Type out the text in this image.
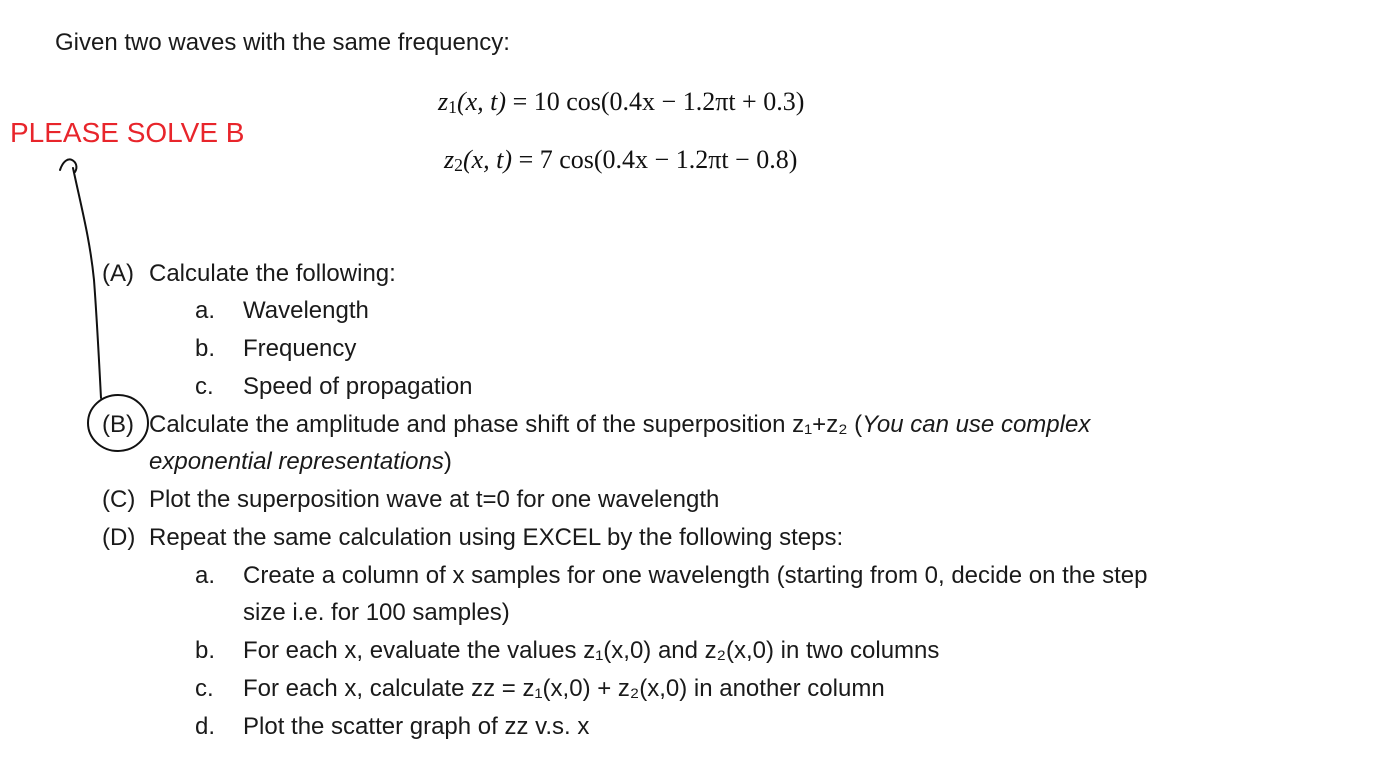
Given two waves with the same frequency:
PLEASE SOLVE B
$z_1(x$, t) = 10 cos(0.4x − 1.2πt + 0.3)
$z_2(x$, t) = 7 cos(0.4x − 1.2πt − 0.8)
(A) Calculate the following:
a. Wavelength
b. Frequency
c. Speed of propagation
(B) Calculate the amplitude and phase shift of the superposition z₁+z₂ (You can use complex
exponential representations)
(C) Plot the superposition wave at t=0 for one wavelength
(D) Repeat the same calculation using EXCEL by the following steps:
a. Create a column of x samples for one wavelength (starting from 0, decide on the step
size i.e. for 100 samples)
b. For each x, evaluate the values z₁(x,0) and z₂(x,0) in two columns
c. For each x, calculate zz = z₁(x,0) + z₂(x,0) in another column
d. Plot the scatter graph of zz v.s. x
